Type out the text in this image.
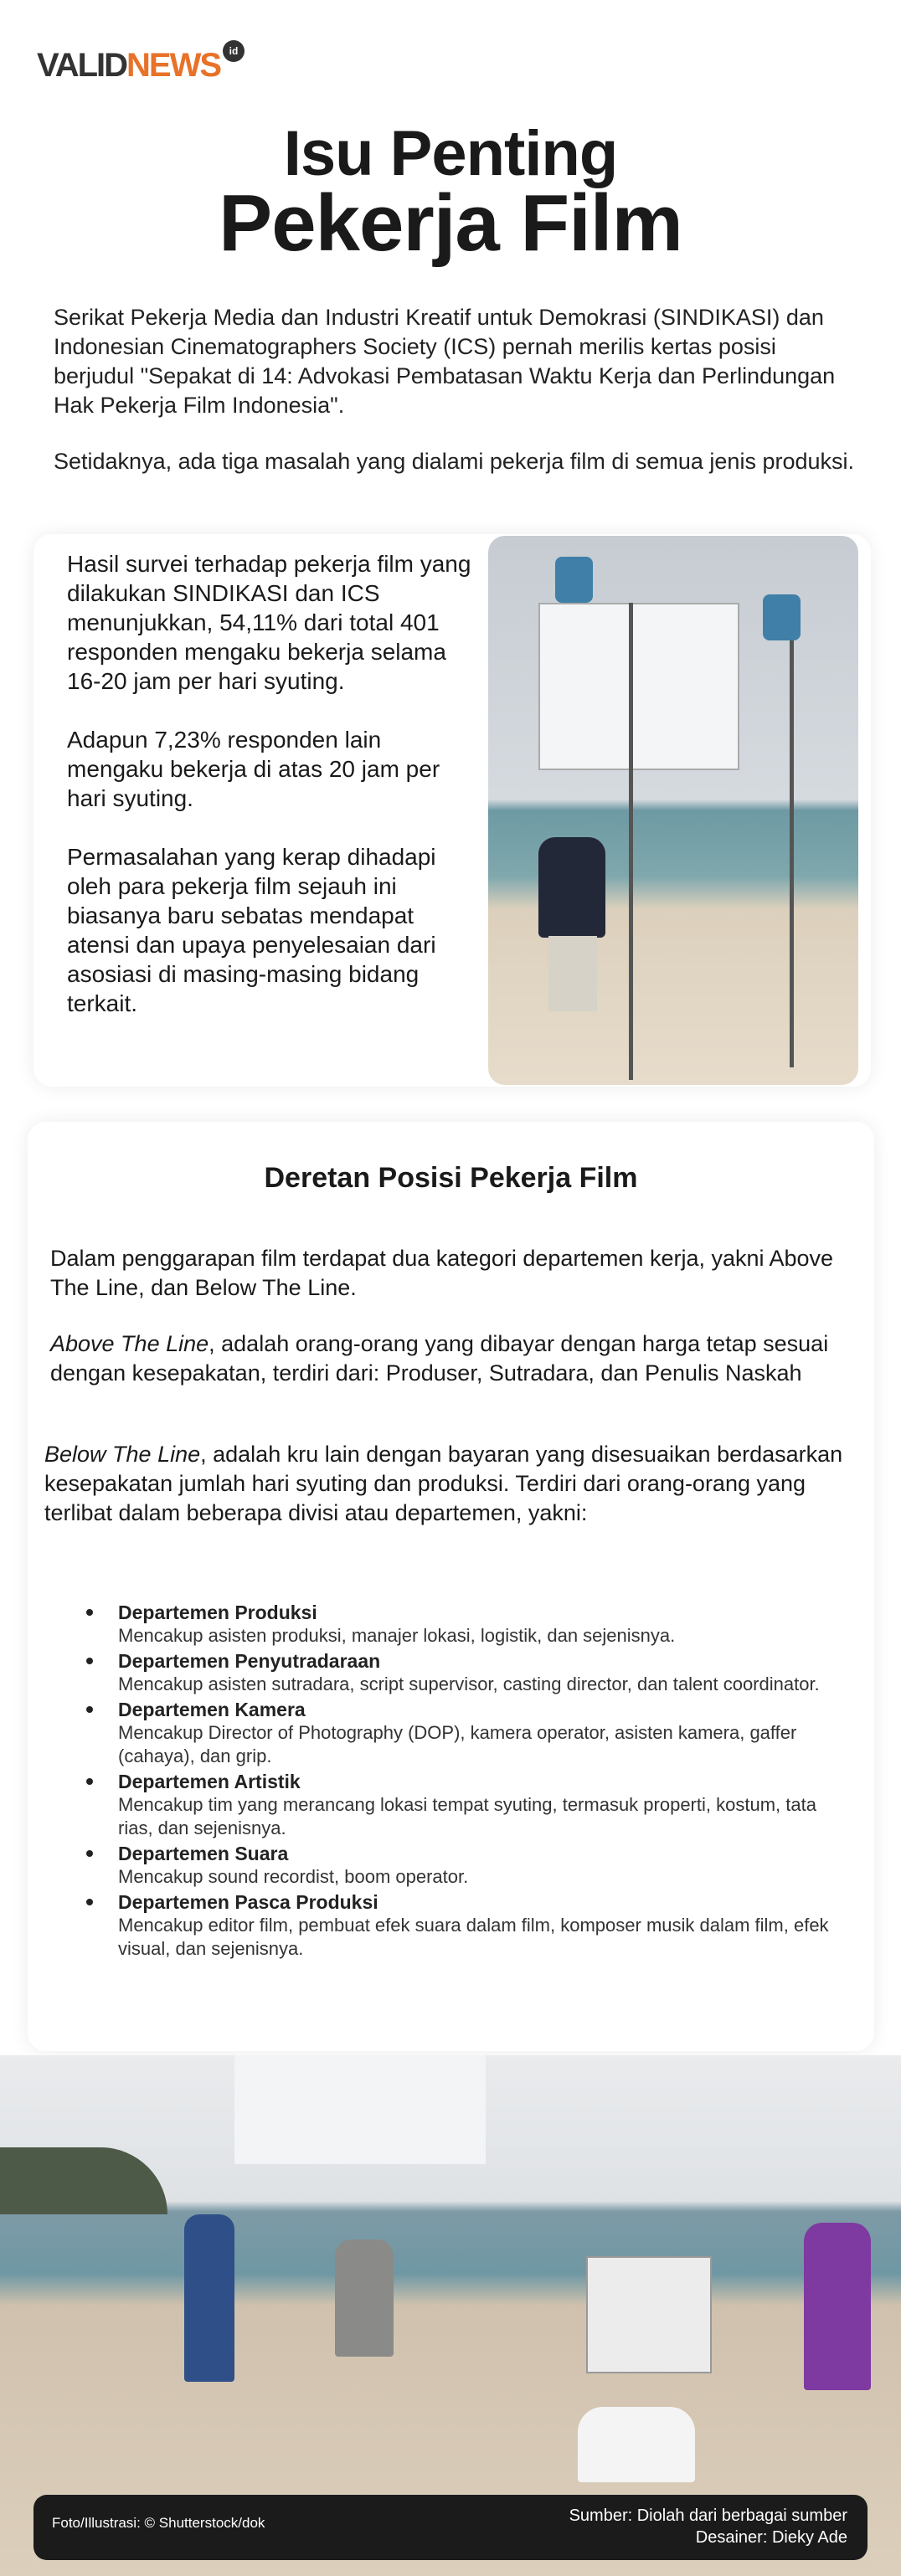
VALIDNEWS id
Isu Penting
Pekerja Film

Serikat Pekerja Media dan Industri Kreatif untuk Demokrasi (SINDIKASI) dan Indonesian Cinematographers Society (ICS) pernah merilis kertas posisi berjudul "Sepakat di 14: Advokasi Pembatasan Waktu Kerja dan Perlindungan Hak Pekerja Film Indonesia".

Setidaknya, ada tiga masalah yang dialami pekerja film di semua jenis produksi.

Hasil survei terhadap pekerja film yang dilakukan SINDIKASI dan ICS menunjukkan, 54,11% dari total 401 responden mengaku bekerja selama 16-20 jam per hari syuting.

Adapun 7,23% responden lain mengaku bekerja di atas 20 jam per hari syuting.

Permasalahan yang kerap dihadapi oleh para pekerja film sejauh ini biasanya baru sebatas mendapat atensi dan upaya penyelesaian dari asosiasi di masing-masing bidang terkait.

Deretan Posisi Pekerja Film

Dalam penggarapan film terdapat dua kategori departemen kerja, yakni Above The Line, dan Below The Line.

Above The Line, adalah orang-orang yang dibayar dengan harga tetap sesuai dengan kesepakatan, terdiri dari: Produser, Sutradara, dan Penulis Naskah

Below The Line, adalah kru lain dengan bayaran yang disesuaikan berdasarkan kesepakatan jumlah hari syuting dan produksi. Terdiri dari orang-orang yang terlibat dalam beberapa divisi atau departemen, yakni:

Departemen Produksi
Mencakup asisten produksi, manajer lokasi, logistik, dan sejenisnya.
Departemen Penyutradaraan
Mencakup asisten sutradara, script supervisor, casting director, dan talent coordinator.
Departemen Kamera
Mencakup Director of Photography (DOP), kamera operator, asisten kamera, gaffer (cahaya), dan grip.
Departemen Artistik
Mencakup tim yang merancang lokasi tempat syuting, termasuk properti, kostum, tata rias, dan sejenisnya.
Departemen Suara
Mencakup sound recordist, boom operator.
Departemen Pasca Produksi
Mencakup editor film, pembuat efek suara dalam film, komposer musik dalam film, efek visual, dan sejenisnya.
Foto/Illustrasi: © Shutterstock/dok	Sumber: Diolah dari berbagai sumber
Desainer: Dieky Ade
